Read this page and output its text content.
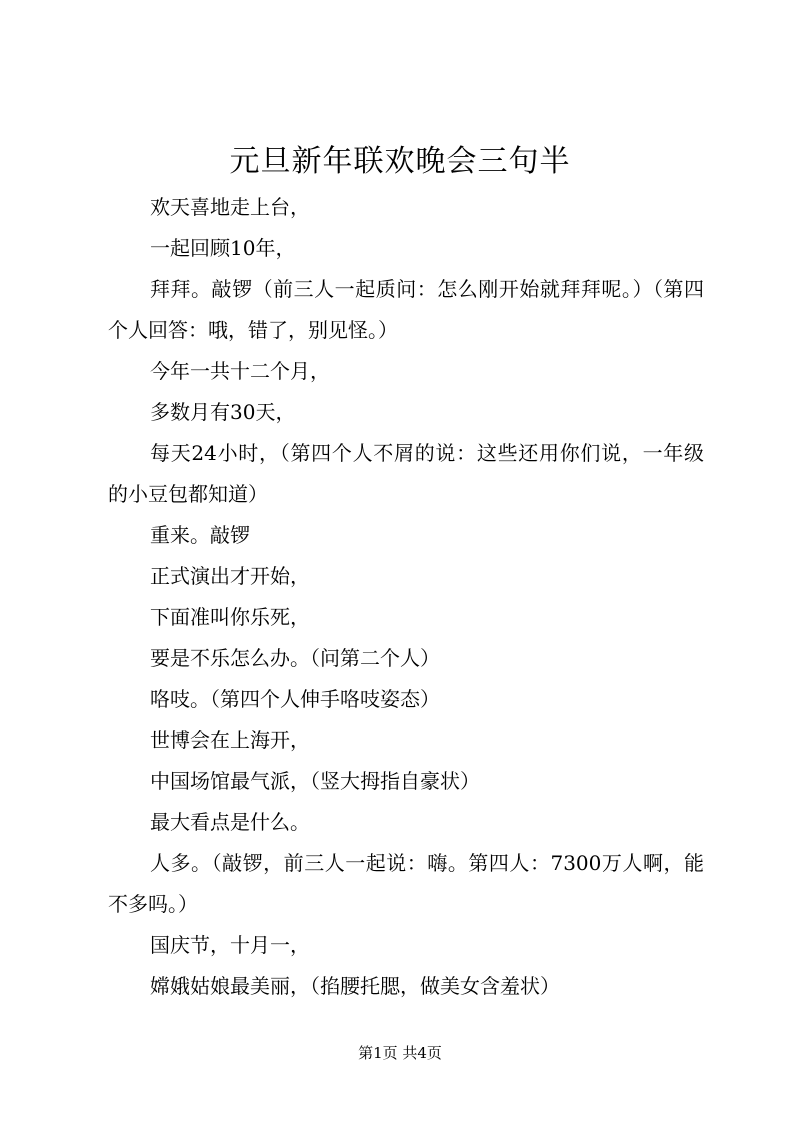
元旦新年联欢晚会三句半

欢天喜地走上台，

一起回顾10年，

拜拜。敲锣（前三人一起质问：怎么刚开始就拜拜呢。）（第四个人回答：哦，错了，别见怪。）

今年一共十二个月，

多数月有30天，

每天24小时，（第四个人不屑的说：这些还用你们说，一年级的小豆包都知道）

重来。敲锣

正式演出才开始，

下面准叫你乐死，

要是不乐怎么办。（问第二个人）

咯吱。（第四个人伸手咯吱姿态）

世博会在上海开，

中国场馆最气派，（竖大拇指自豪状）

最大看点是什么。

人多。（敲锣，前三人一起说：嗨。第四人：7300万人啊，能不多吗。）

国庆节，十月一，

嫦娥姑娘最美丽，（掐腰托腮，做美女含羞状）

第1页 共4页
